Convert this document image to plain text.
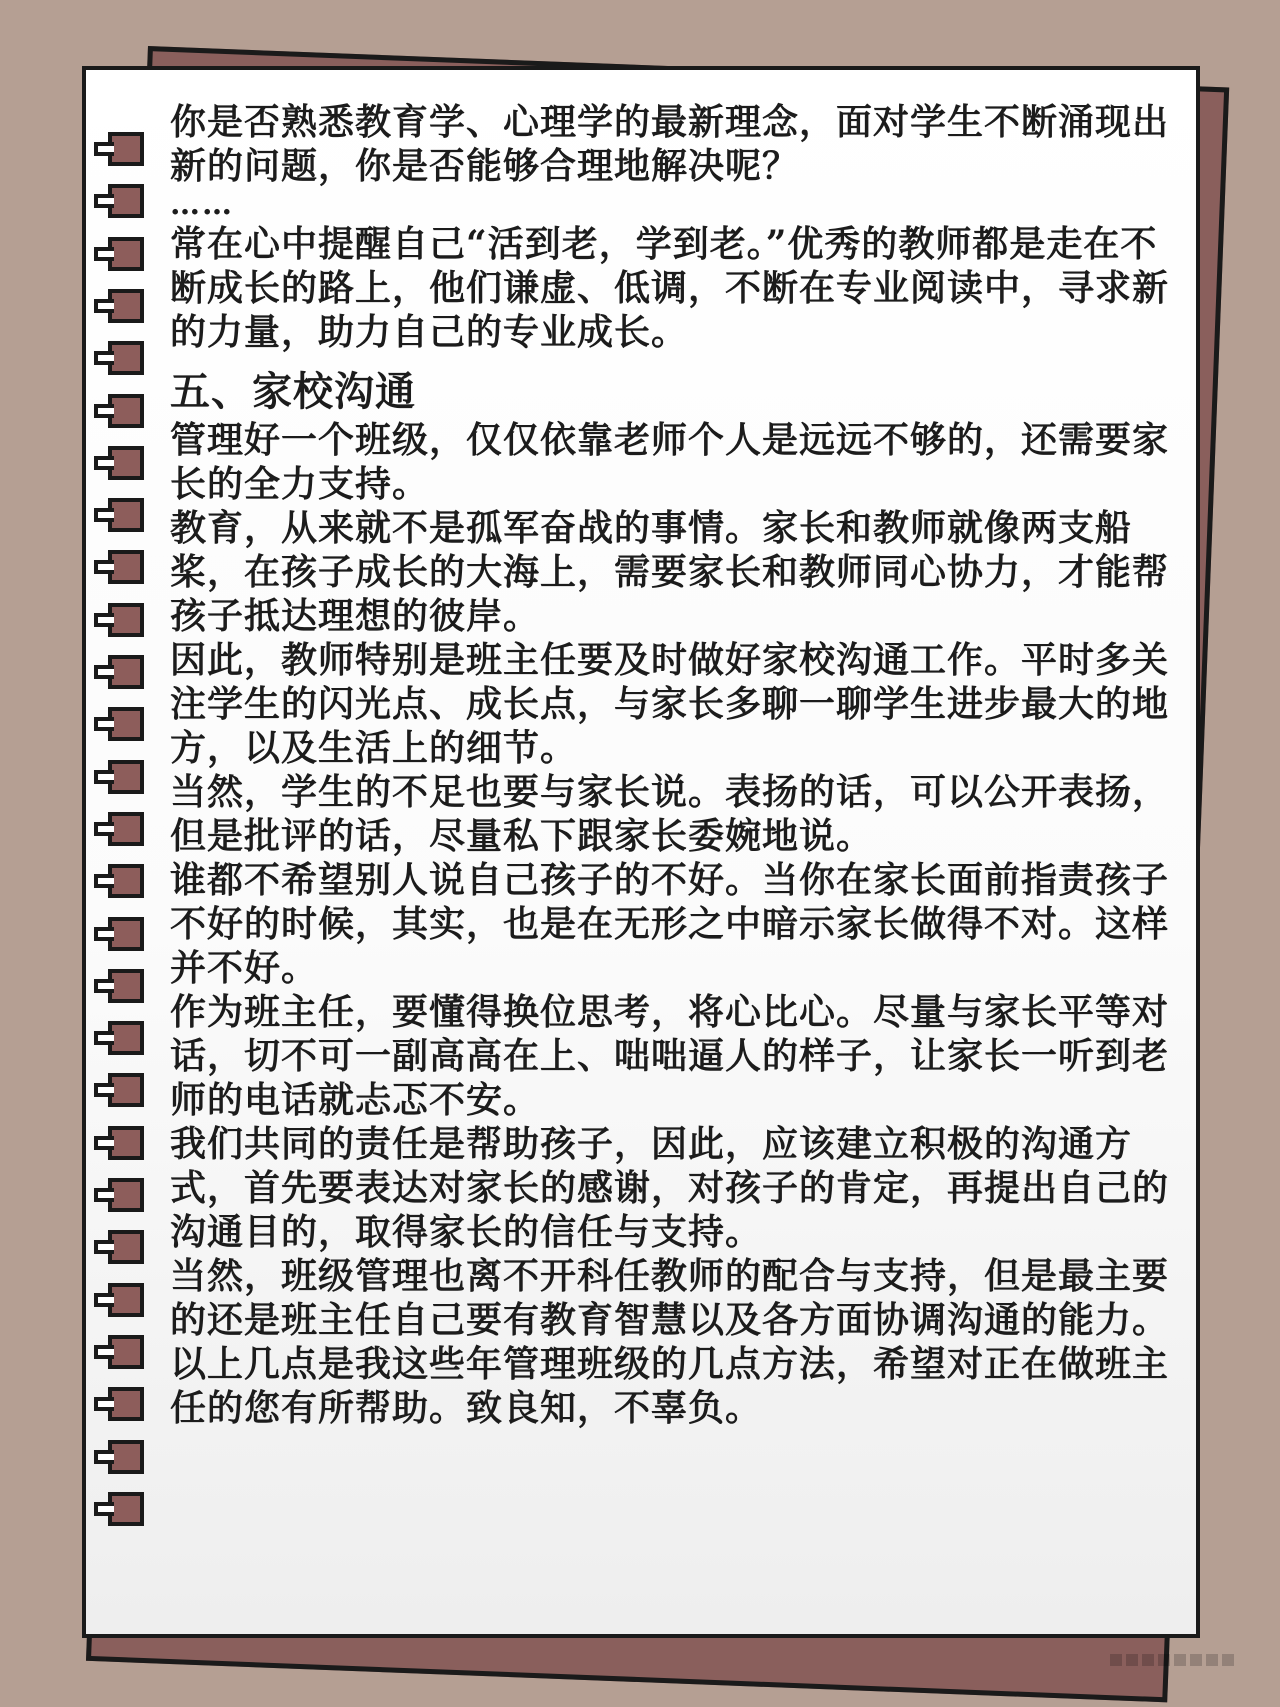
你是否熟悉教育学、心理学的最新理念，面对学生不断涌现出新的问题，你是否能够合理地解决呢？

……

常在心中提醒自己“活到老，学到老。”优秀的教师都是走在不断成长的路上，他们谦虚、低调，不断在专业阅读中，寻求新的力量，助力自己的专业成长。

五、家校沟通

管理好一个班级，仅仅依靠老师个人是远远不够的，还需要家长的全力支持。

教育，从来就不是孤军奋战的事情。家长和教师就像两支船桨，在孩子成长的大海上，需要家长和教师同心协力，才能帮孩子抵达理想的彼岸。

因此，教师特别是班主任要及时做好家校沟通工作。平时多关注学生的闪光点、成长点，与家长多聊一聊学生进步最大的地方，以及生活上的细节。

当然，学生的不足也要与家长说。表扬的话，可以公开表扬，但是批评的话，尽量私下跟家长委婉地说。

谁都不希望别人说自己孩子的不好。当你在家长面前指责孩子不好的时候，其实，也是在无形之中暗示家长做得不对。这样并不好。

作为班主任，要懂得换位思考，将心比心。尽量与家长平等对话，切不可一副高高在上、咄咄逼人的样子，让家长一听到老师的电话就忐忑不安。

我们共同的责任是帮助孩子，因此，应该建立积极的沟通方式，首先要表达对家长的感谢，对孩子的肯定，再提出自己的沟通目的，取得家长的信任与支持。

当然，班级管理也离不开科任教师的配合与支持，但是最主要的还是班主任自己要有教育智慧以及各方面协调沟通的能力。

以上几点是我这些年管理班级的几点方法，希望对正在做班主任的您有所帮助。致良知，不辜负。
